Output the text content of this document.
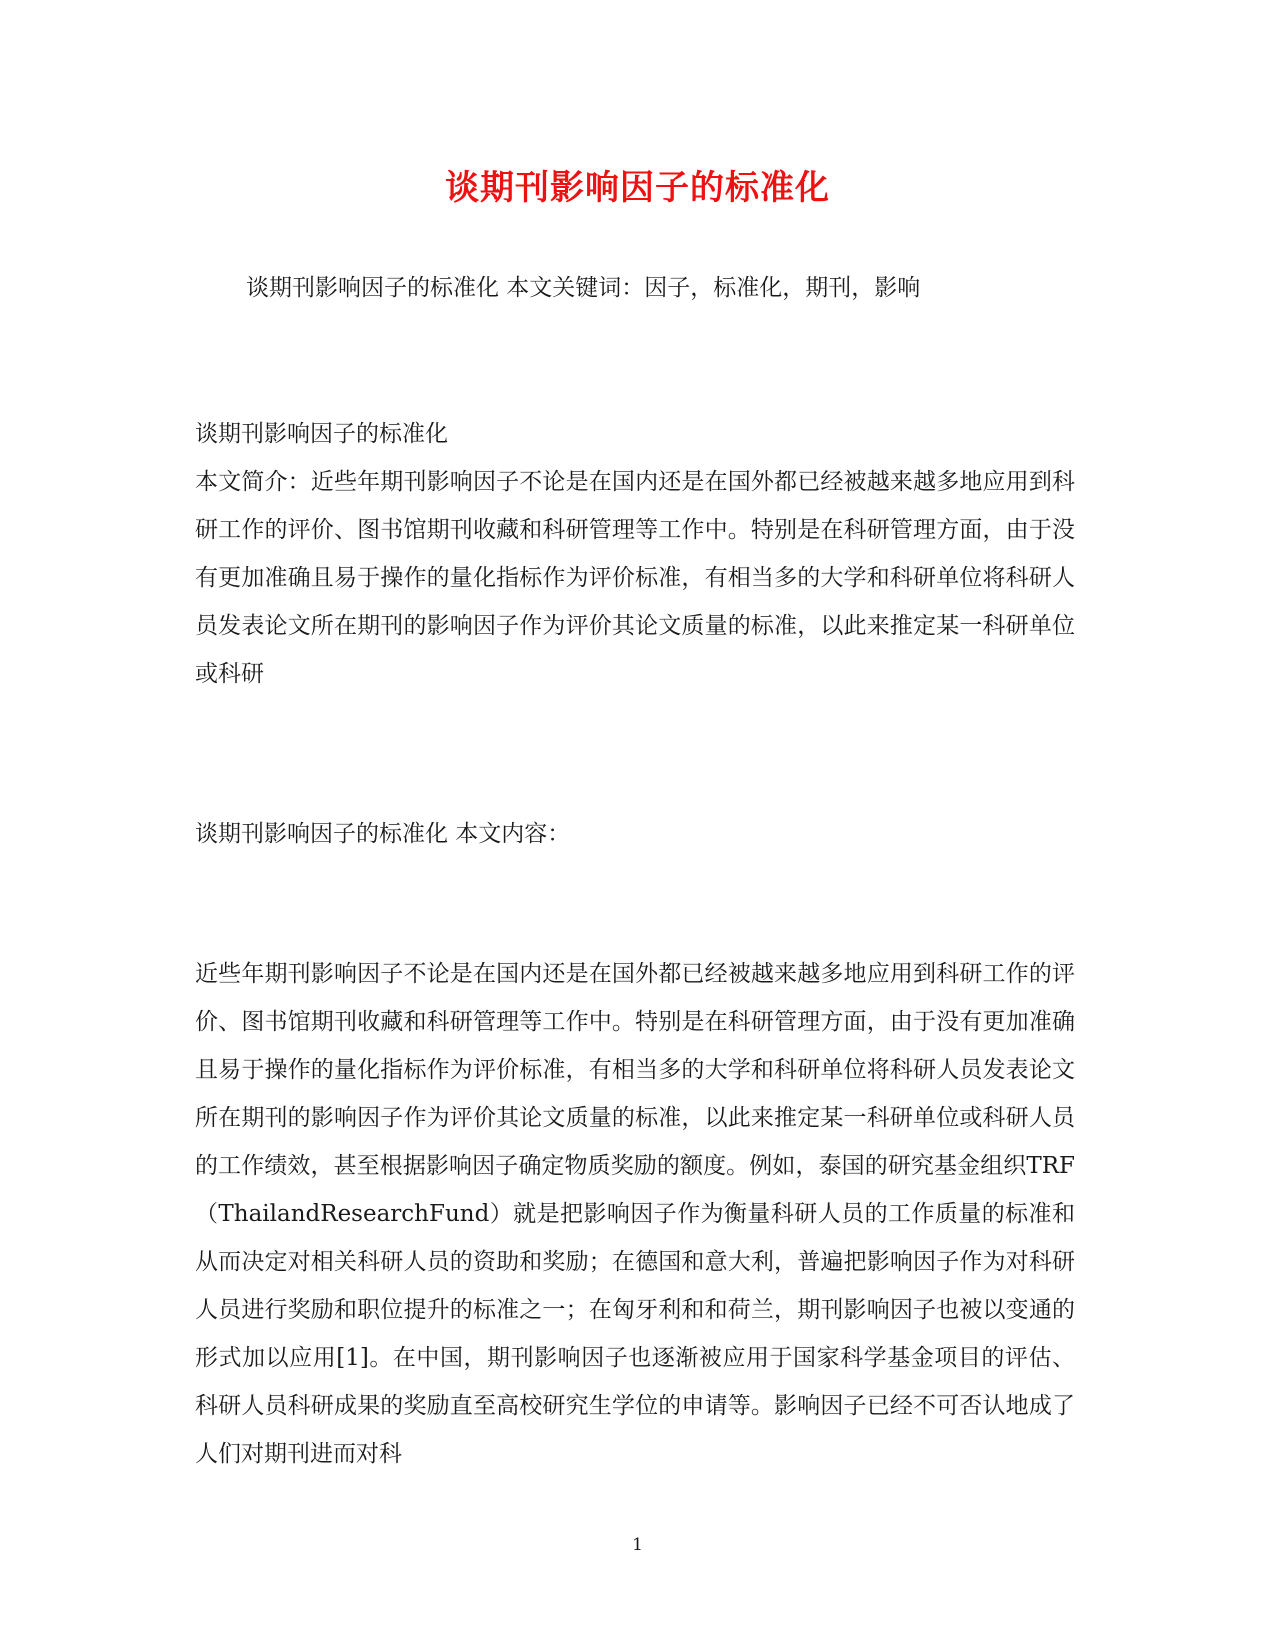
谈期刊影响因子的标准化

谈期刊影响因子的标准化 本文关键词：因子，标准化，期刊，影响

谈期刊影响因子的标准化

本文简介：近些年期刊影响因子不论是在国内还是在国外都已经被越来越多地应用到科研工作的评价、图书馆期刊收藏和科研管理等工作中。特别是在科研管理方面，由于没有更加准确且易于操作的量化指标作为评价标准，有相当多的大学和科研单位将科研人员发表论文所在期刊的影响因子作为评价其论文质量的标准，以此来推定某一科研单位或科研

谈期刊影响因子的标准化 本文内容：

近些年期刊影响因子不论是在国内还是在国外都已经被越来越多地应用到科研工作的评价、图书馆期刊收藏和科研管理等工作中。特别是在科研管理方面，由于没有更加准确且易于操作的量化指标作为评价标准，有相当多的大学和科研单位将科研人员发表论文所在期刊的影响因子作为评价其论文质量的标准，以此来推定某一科研单位或科研人员的工作绩效，甚至根据影响因子确定物质奖励的额度。例如，泰国的研究基金组织TRF（ThailandResearchFund）就是把影响因子作为衡量科研人员的工作质量的标准和从而决定对相关科研人员的资助和奖励；在德国和意大利，普遍把影响因子作为对科研人员进行奖励和职位提升的标准之一；在匈牙利和和荷兰，期刊影响因子也被以变通的形式加以应用[1]。在中国，期刊影响因子也逐渐被应用于国家科学基金项目的评估、科研人员科研成果的奖励直至高校研究生学位的申请等。影响因子已经不可否认地成了人们对期刊进而对科

1
